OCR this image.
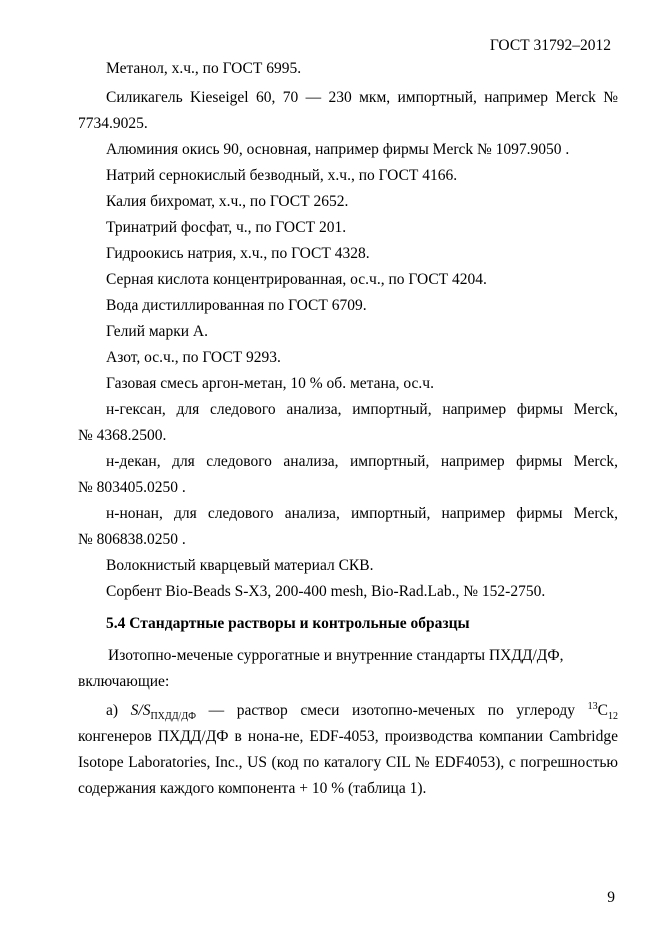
ГОСТ 31792–2012

Метанол, х.ч., по ГОСТ 6995.

Силикагель Kieseigel 60, 70 — 230 мкм, импортный, например Merck №

7734.9025.

Алюминия окись 90, основная, например фирмы Merck № 1097.9050 .

Натрий сернокислый безводный, х.ч., по ГОСТ 4166.

Калия бихромат, х.ч., по ГОСТ 2652.

Тринатрий фосфат, ч., по ГОСТ 201.

Гидроокись натрия, х.ч., по ГОСТ 4328.

Серная кислота концентрированная, ос.ч., по ГОСТ 4204.

Вода дистиллированная по ГОСТ 6709.

Гелий марки А.

Азот, ос.ч., по ГОСТ 9293.

Газовая смесь аргон-метан, 10 % об. метана, ос.ч.

н-гексан, для следового анализа, импортный, например фирмы Merck,

№ 4368.2500.

н-декан, для следового анализа, импортный, например фирмы Merck,

№ 803405.0250 .

н-нонан, для следового анализа, импортный, например фирмы Merck,

№ 806838.0250 .

Волокнистый кварцевый материал СКВ.

Сорбент Bio-Beads S-X3, 200-400 mesh, Bio-Rad.Lab., № 152-2750.

5.4 Стандартные растворы и контрольные образцы

Изотопно-меченые суррогатные и внутренние стандарты ПХДД/ДФ,

включающие:

а) $S/S_{ПХДД/ДФ}$ — раствор смеси изотопно-меченых по углероду $^{13}С_{12}$

конгенеров ПХДД/ДФ в нона-не, EDF-4053, производства компании Cambridge

Isotope Laboratories, Inc., US (код по каталогу CIL № EDF4053), с погрешностью

содержания каждого компонента + 10 % (таблица 1).

9
